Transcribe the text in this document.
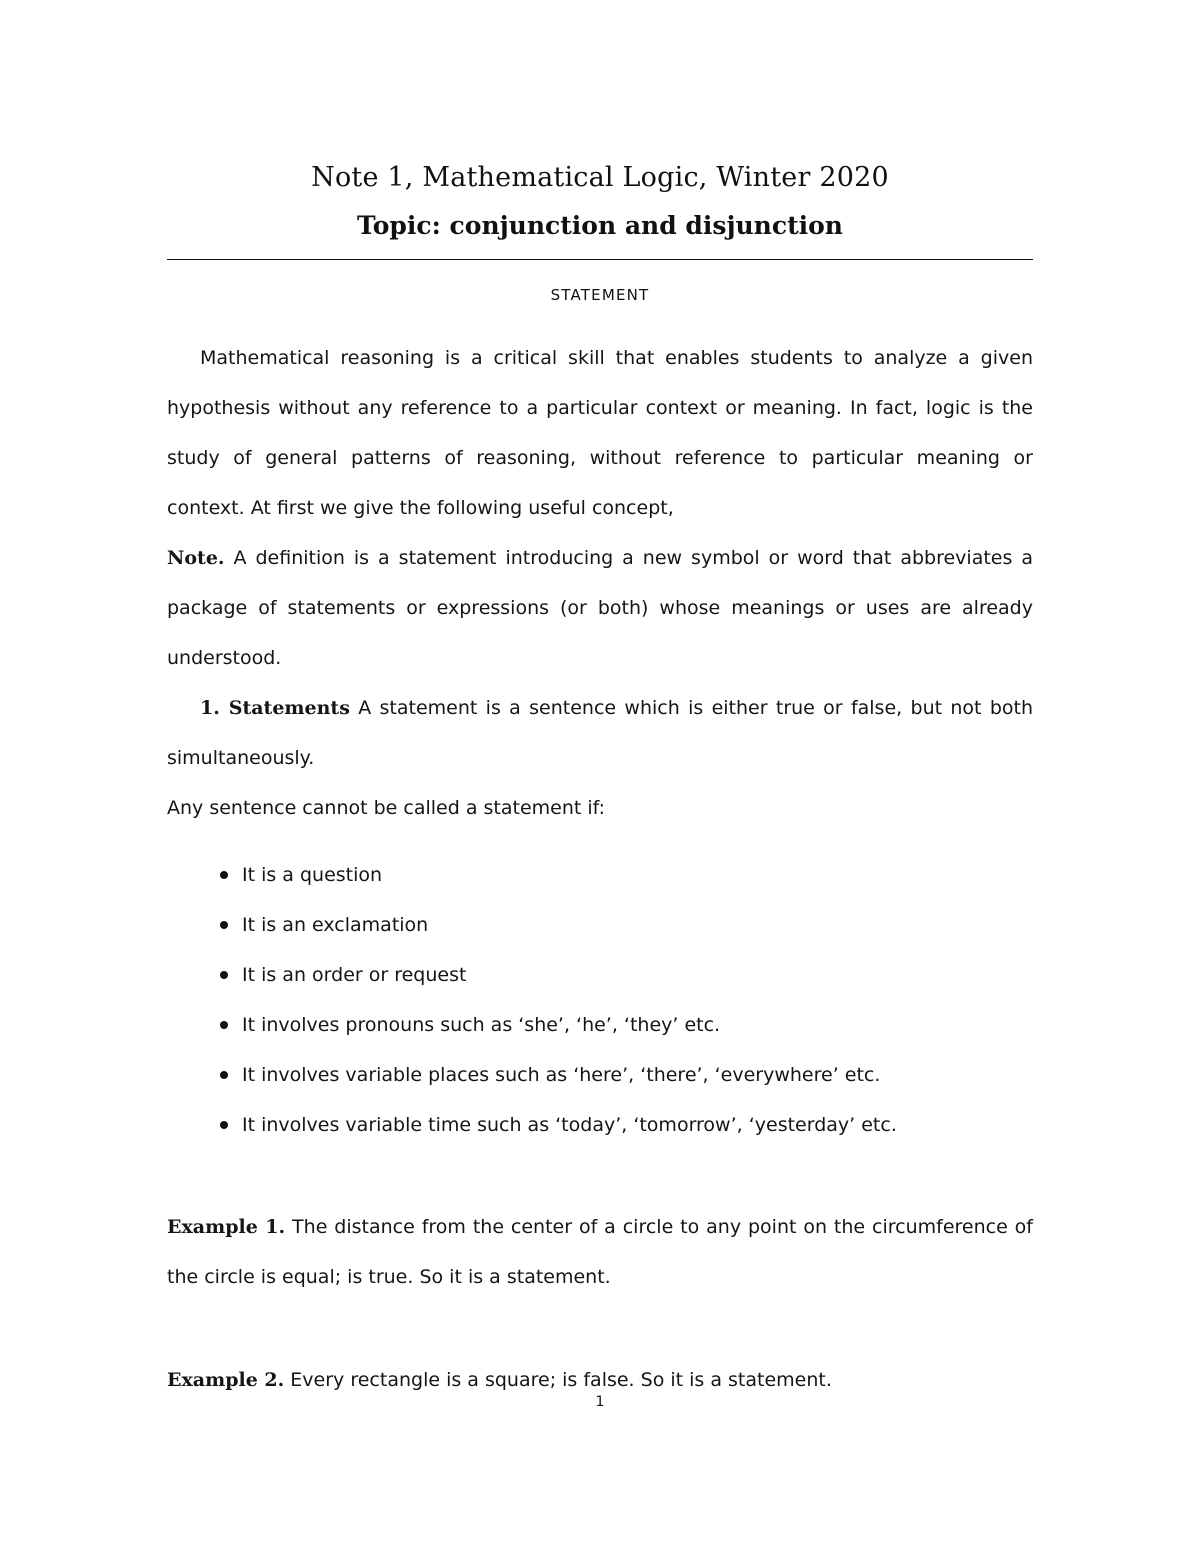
Note 1, Mathematical Logic, Winter 2020
Topic: conjunction and disjunction
STATEMENT

Mathematical reasoning is a critical skill that enables students to analyze a given hypothesis without any reference to a particular context or meaning. In fact, logic is the study of general patterns of reasoning, without reference to particular meaning or context. At first we give the following useful concept,

Note. A definition is a statement introducing a new symbol or word that abbreviates a package of statements or expressions (or both) whose meanings or uses are already understood.

1. Statements A statement is a sentence which is either true or false, but not both simultaneously.

Any sentence cannot be called a statement if:

It is a question
It is an exclamation
It is an order or request
It involves pronouns such as ‘she’, ‘he’, ‘they’ etc.
It involves variable places such as ‘here’, ‘there’, ‘everywhere’ etc.
It involves variable time such as ‘today’, ‘tomorrow’, ‘yesterday’ etc.

Example 1. The distance from the center of a circle to any point on the circumference of the circle is equal; is true. So it is a statement.

Example 2. Every rectangle is a square; is false. So it is a statement.

1
